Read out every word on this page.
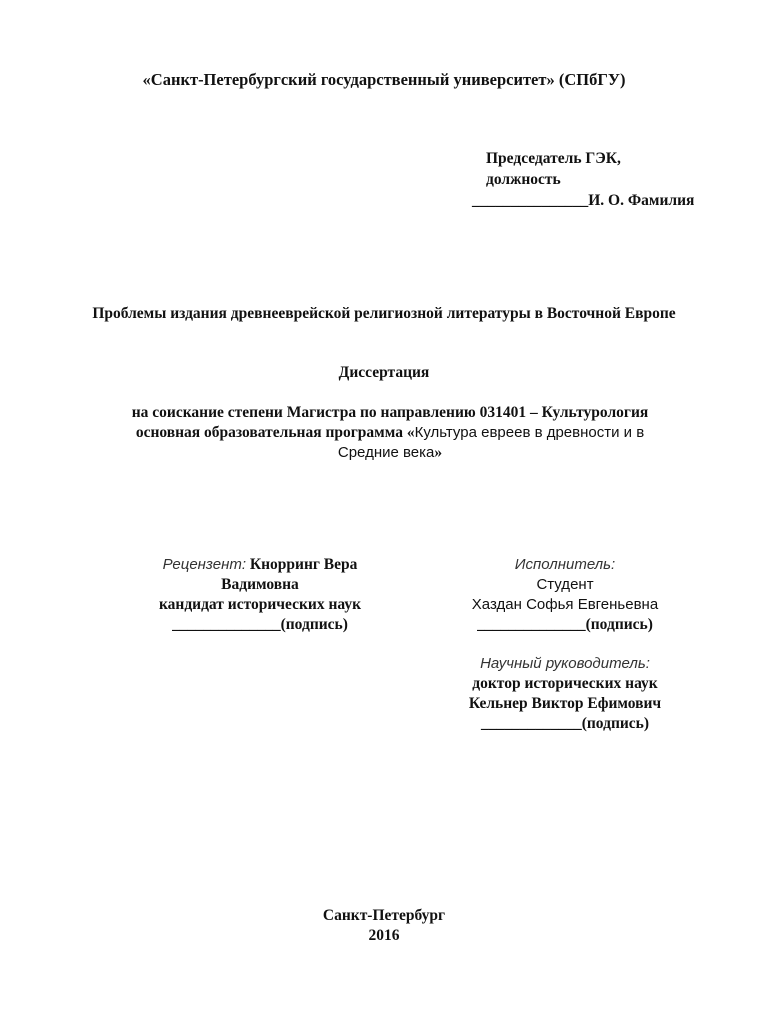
«Санкт-Петербургский государственный университет» (СПбГУ)
Председатель ГЭК,
должность
_______________И. О. Фамилия
Проблемы издания древнееврейской религиозной литературы в Восточной Европе
Диссертация
на соискание степени Магистра по направлению 031401 – Культурология
основная образовательная программа «Культура евреев в древности и в
Средние века»
Рецензент: Кнорринг Вера
Вадимовна
кандидат исторических наук
______________(подпись)
Исполнитель:
Студент
Хаздан Софья Евгеньевна
______________(подпись)
Научный руководитель:
доктор исторических наук
Кельнер Виктор Ефимович
_____________(подпись)
Санкт-Петербург
2016
